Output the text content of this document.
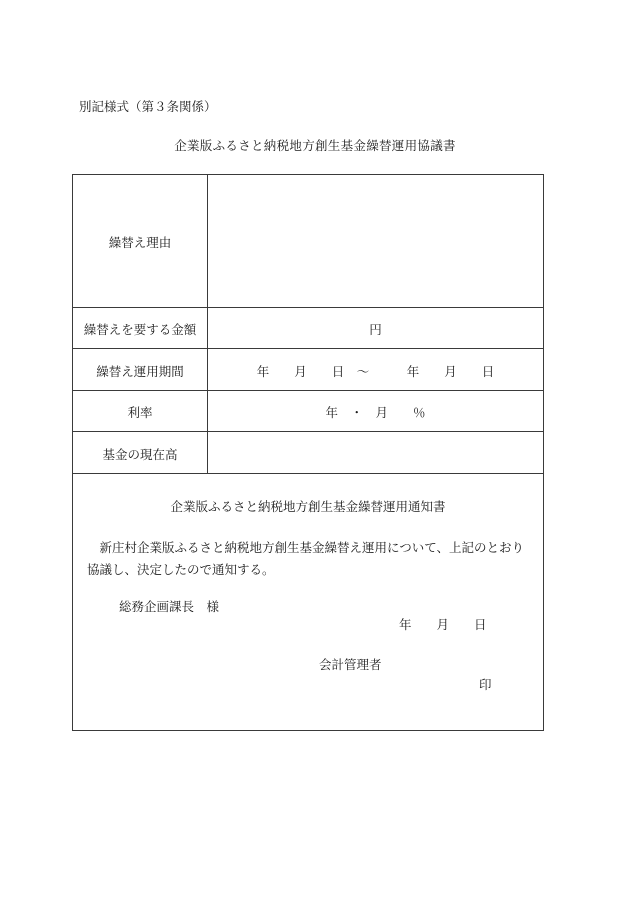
別記様式（第３条関係）
企業版ふるさと納税地方創生基金繰替運用協議書
繰替え理由
繰替えを要する金額	円
繰替え運用期間	年　　月　　日　～　　　年　　月　　日
利率	年　・　月　　％
基金の現在高
企業版ふるさと納税地方創生基金繰替運用通知書
新庄村企業版ふるさと納税地方創生基金繰替え運用について、上記のとおり協議し、決定したので通知する。
総務企画課長　様
年　　月　　日
会計管理者
印
